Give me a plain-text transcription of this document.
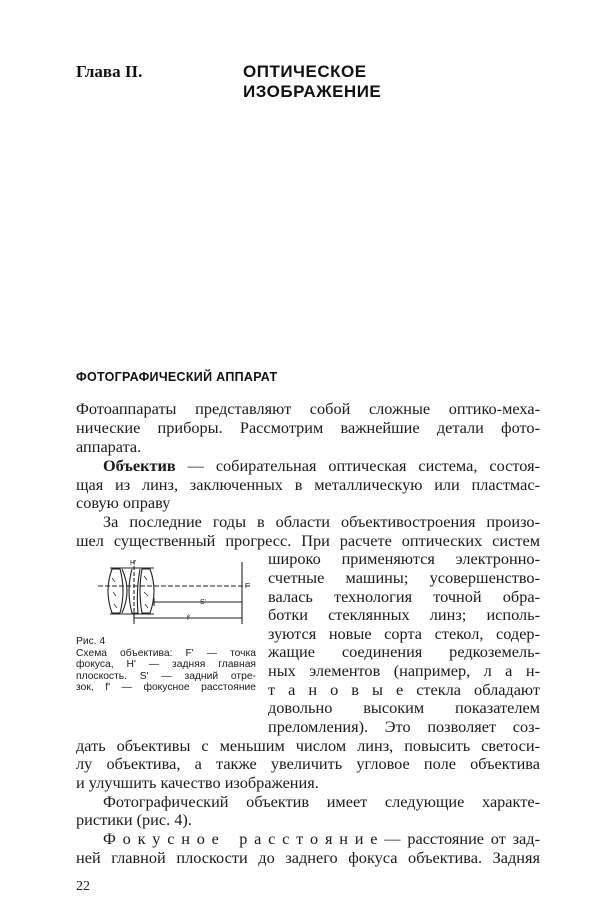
Глава II.	ОПТИЧЕСКОЕ
ИЗОБРАЖЕНИЕ
ФОТОГРАФИЧЕСКИЙ АППАРАТ
Фотоаппараты представляют собой сложные оптико-меха-
нические приборы. Рассмотрим важнейшие детали фото-
аппарата.
Объектив — собирательная оптическая система, состоя-
щая из линз, заключенных в металлическую или пластмас-
совую оправу
За последние годы в области объективостроения произо-
шел существенный прогресс. При расчете оптических систем
широко применяются электронно-
счетные машины; усовершенство-
валась технология точной обра-
ботки стеклянных линз; исполь-
зуются новые сорта стекол, содер-
жащие соединения редкоземель-
ных элементов (например, л а н-
т а н о в ы е стекла обладают
довольно высоким показателем
преломления). Это позволяет соз-
дать объективы с меньшим числом линз, повысить светоси-
лу объектива, а также увеличить угловое поле объектива
и улучшить качество изображения.
Фотографический объектив имеет следующие характе-
ристики (рис. 4).
Ф о к у с н о е   р а с с т о я н и е — расстояние от зад-
ней главной плоскости до заднего фокуса объектива. Задняя
H'
F'
S'
f'
Рис. 4
Схема объектива: F' — точка
фокуса, H' — задняя главная
плоскость. S' — задний отре-
зок, f' — фокусное расстояние
22
